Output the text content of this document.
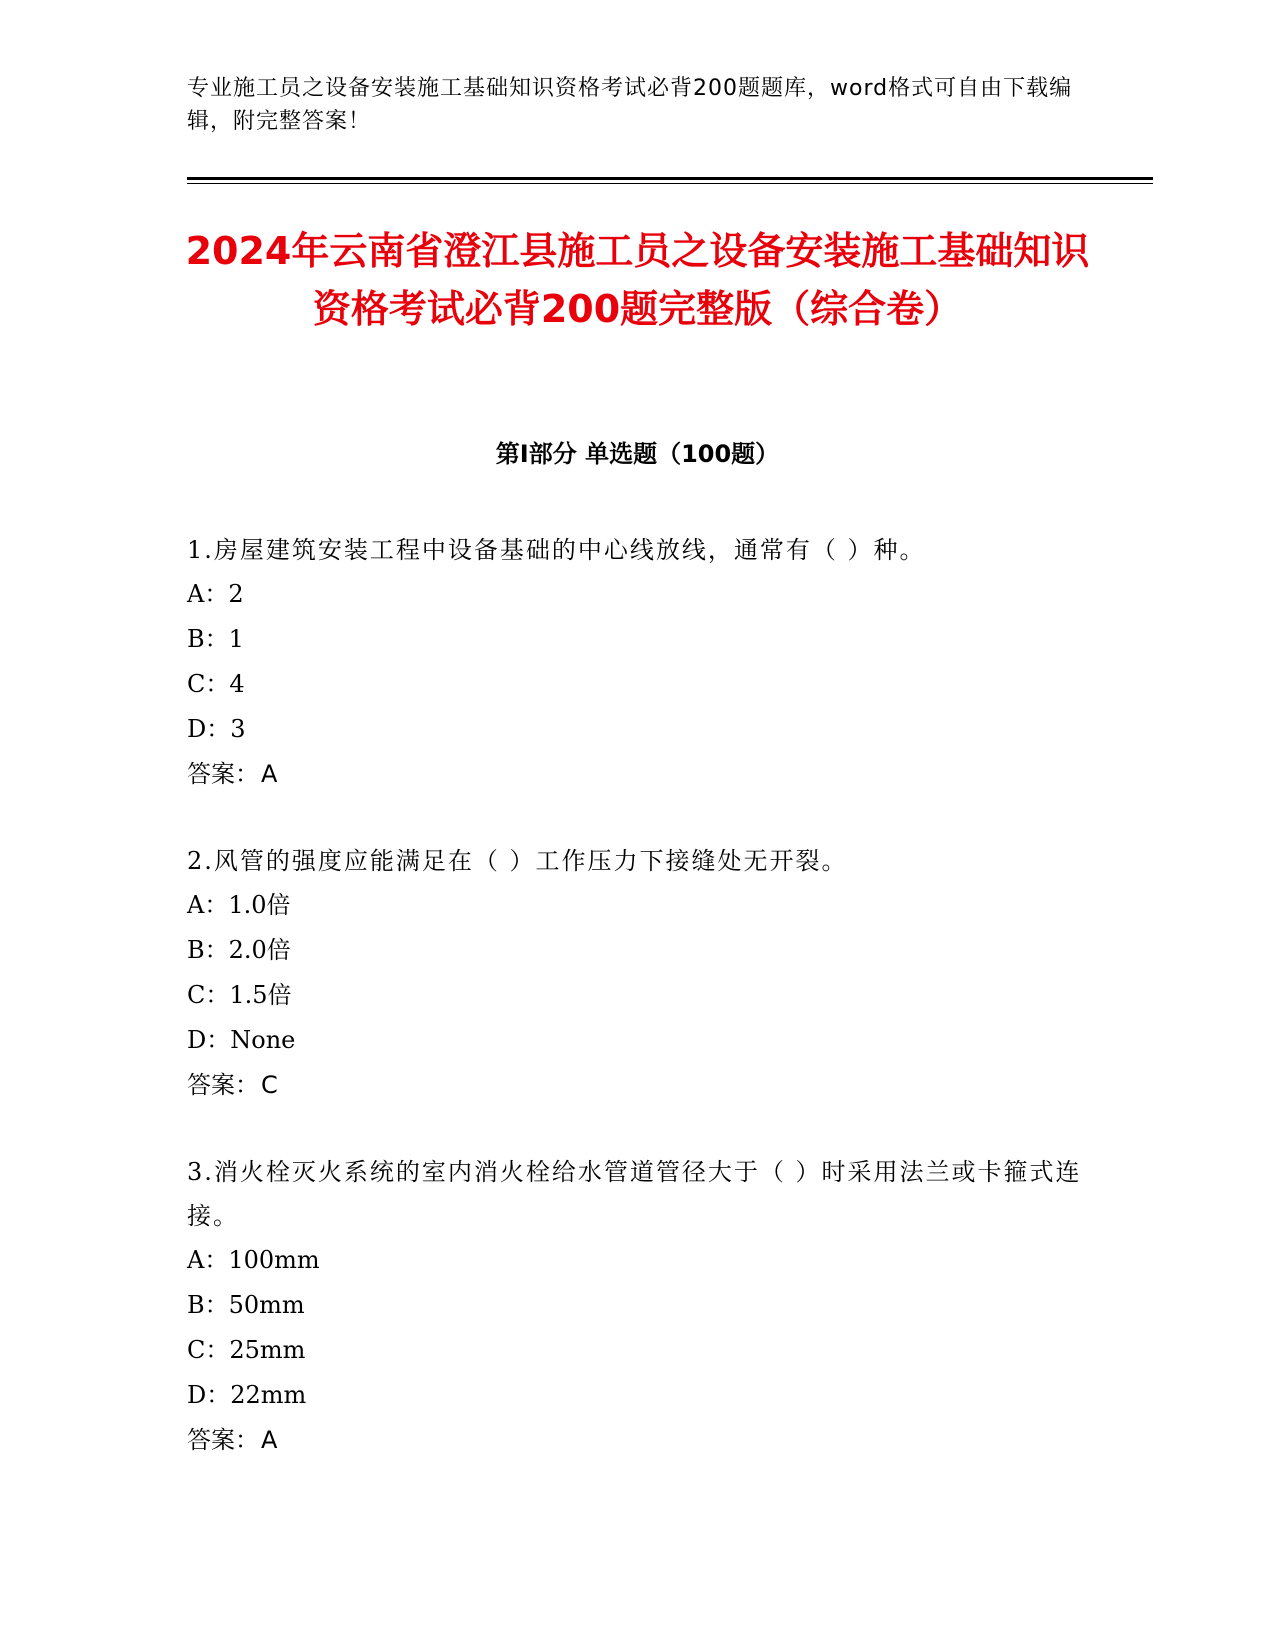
专业施工员之设备安装施工基础知识资格考试必背200题题库，word格式可自由下载编辑，附完整答案！
2024年云南省澄江县施工员之设备安装施工基础知识资格考试必背200题完整版（综合卷）
第I部分 单选题（100题）

1.房屋建筑安装工程中设备基础的中心线放线，通常有（ ）种。

A：2

B：1

C：4

D：3

答案：A

2.风管的强度应能满足在（ ）工作压力下接缝处无开裂。

A：1.0倍

B：2.0倍

C：1.5倍

D：None

答案：C

3.消火栓灭火系统的室内消火栓给水管道管径大于（ ）时采用法兰或卡箍式连接。

A：100mm

B：50mm

C：25mm

D：22mm

答案：A
